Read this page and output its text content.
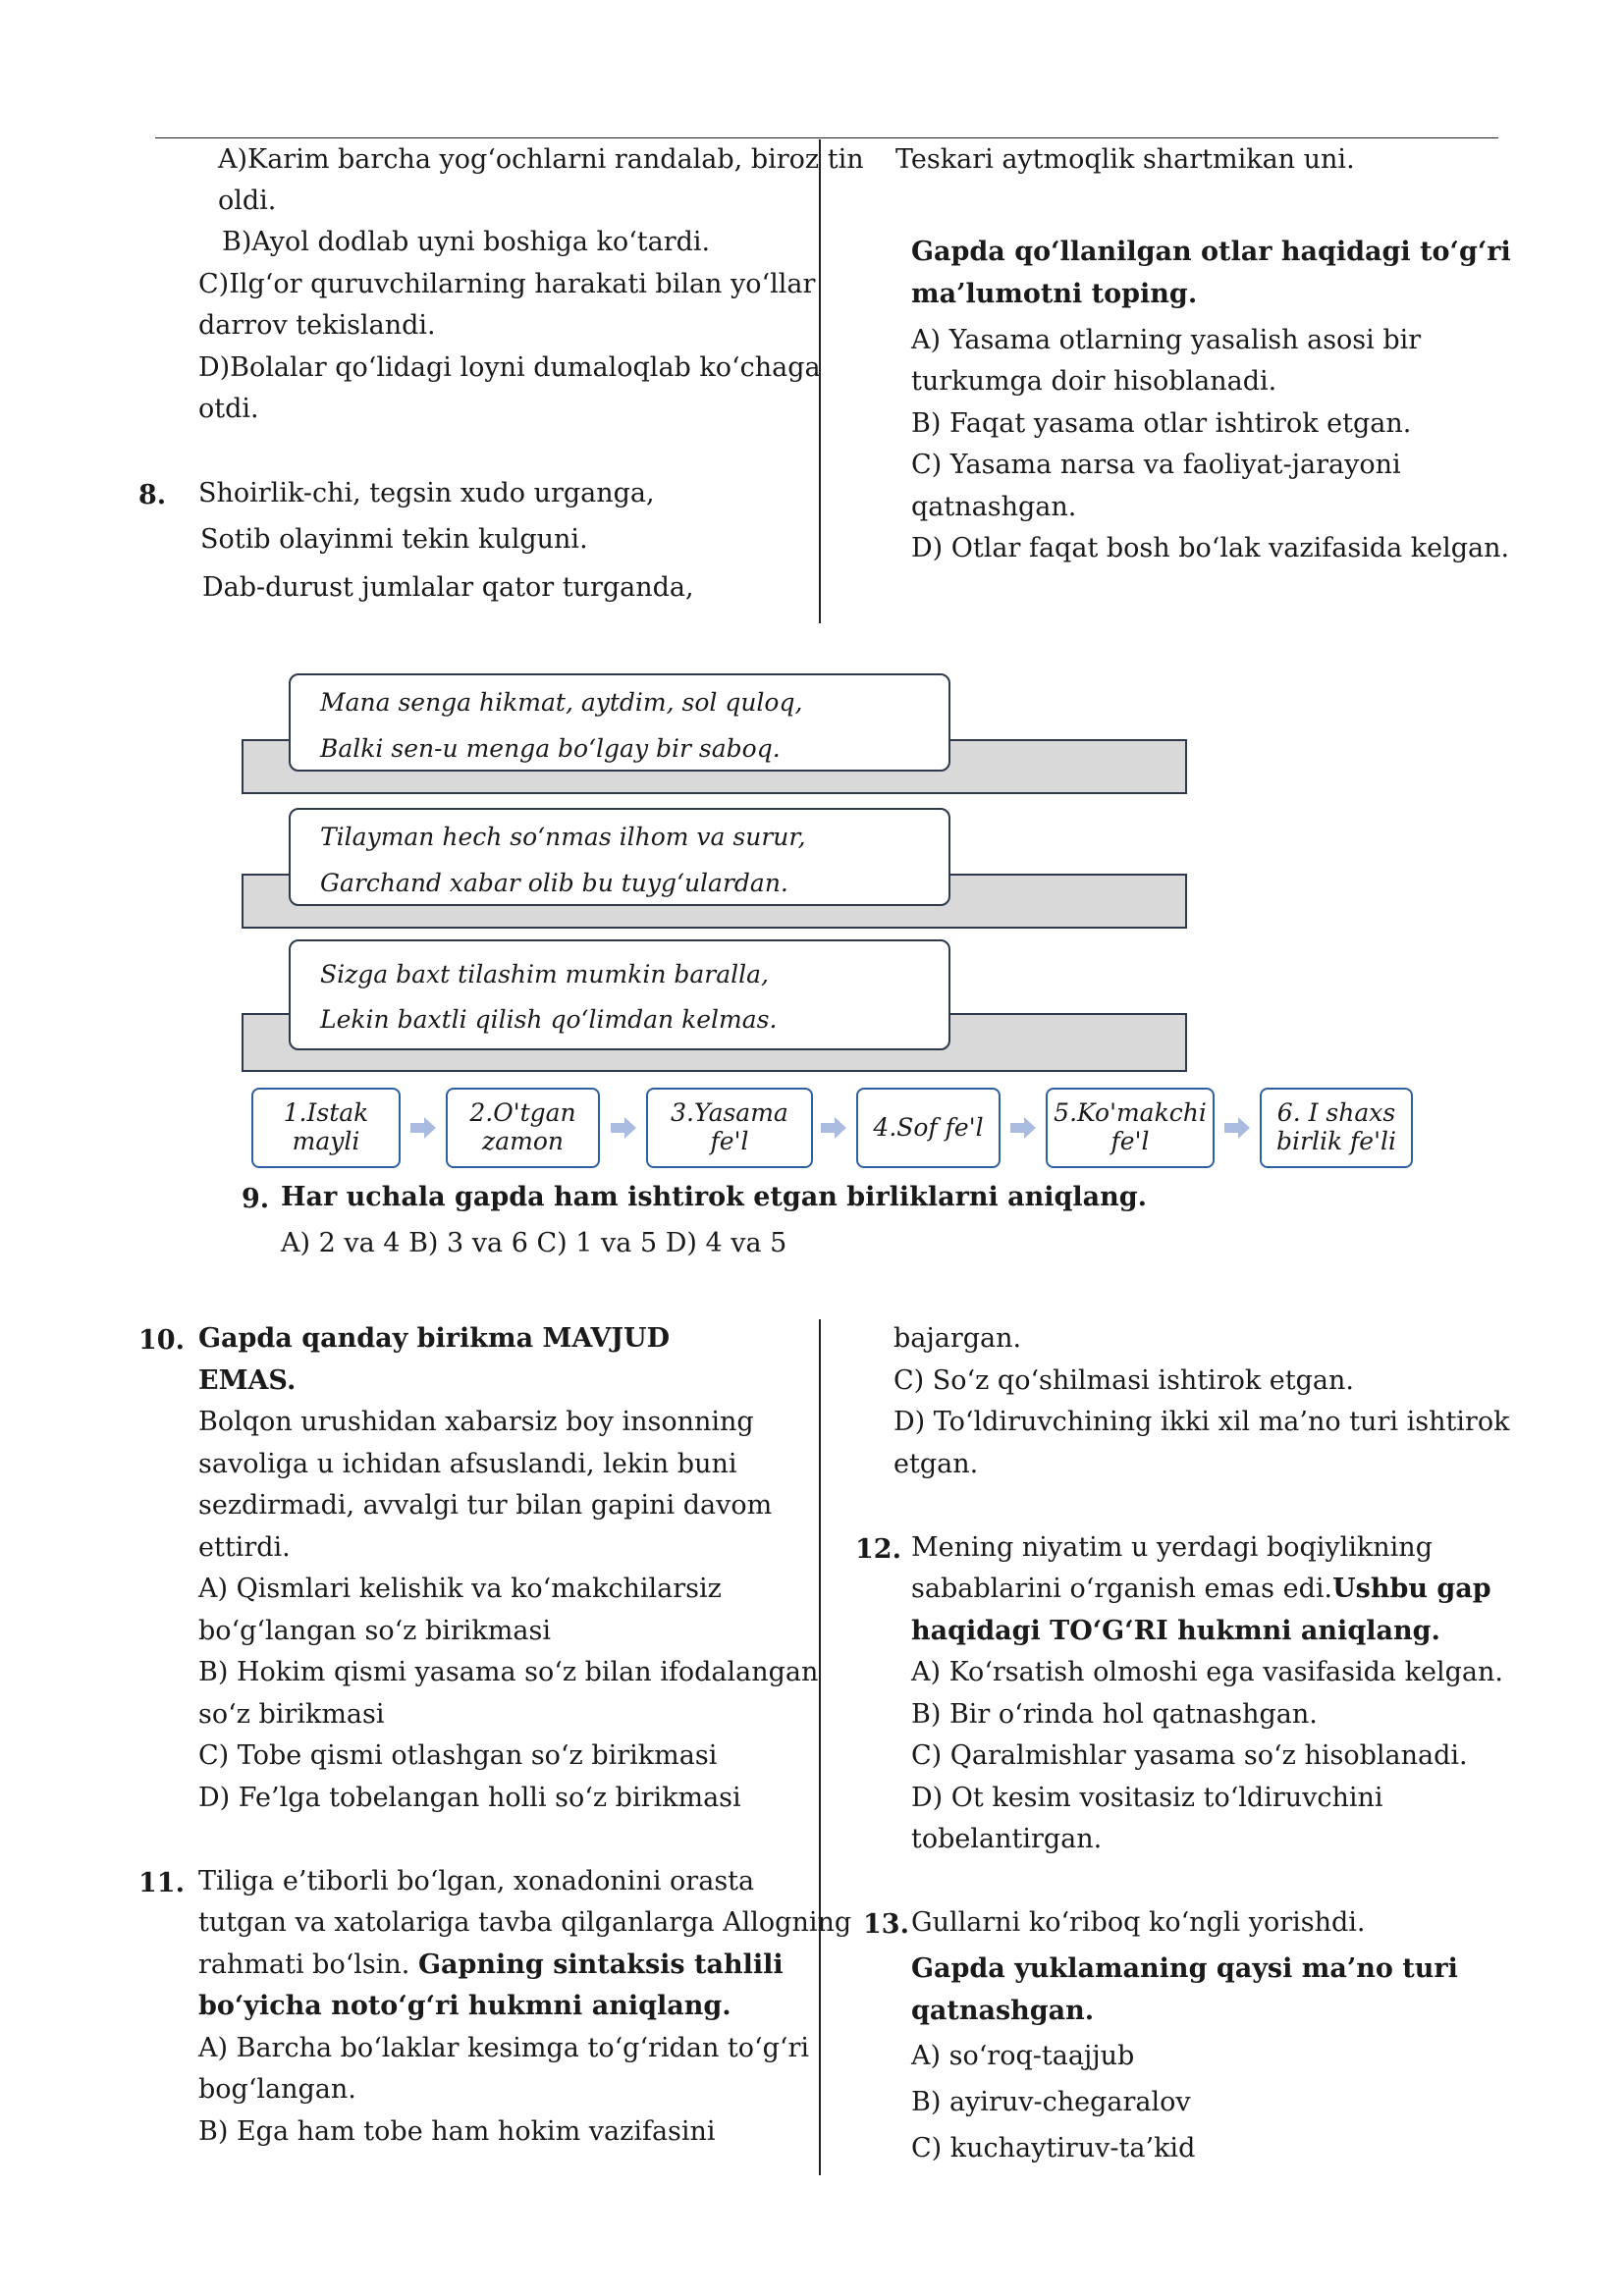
A)Karim barcha yog‘ochlarni randalab, biroz tin
oldi.
B)Ayol dodlab uyni boshiga ko‘tardi.
C)Ilg‘or quruvchilarning harakati bilan yo‘llar
darrov tekislandi.
D)Bolalar qo‘lidagi loyni dumaloqlab ko‘chaga
otdi.
8. Shoirlik-chi, tegsin xudo urganga,
Sotib olayinmi tekin kulguni.
Dab-durust jumlalar qator turganda,
Teskari aytmoqlik shartmikan uni.
Gapda qo‘llanilgan otlar haqidagi to‘g‘ri
ma’lumotni toping.
A) Yasama otlarning yasalish asosi bir
turkumga doir hisoblanadi.
B) Faqat yasama otlar ishtirok etgan.
C) Yasama narsa va faoliyat-jarayoni
qatnashgan.
D) Otlar faqat bosh bo‘lak vazifasida kelgan.
Mana senga hikmat, aytdim, sol quloq,
Balki sen-u menga bo‘lgay bir saboq.
Tilayman hech so‘nmas ilhom va surur,
Garchand xabar olib bu tuyg‘ulardan.
Sizga baxt tilashim mumkin baralla,
Lekin baxtli qilish qo‘limdan kelmas.
1.Istak
mayli
2.O'tgan
zamon
3.Yasama fe'l	4.Sof fe'l	5.Ko'makchi
fe'l
6. I shaxs
birlik fe'li
9. Har uchala gapda ham ishtirok etgan birliklarni aniqlang.
A) 2 va 4 B) 3 va 6 C) 1 va 5 D) 4 va 5
10. Gapda qanday birikma MAVJUD
EMAS.
Bolqon urushidan xabarsiz boy insonning
savoliga u ichidan afsuslandi, lekin buni
sezdirmadi, avvalgi tur bilan gapini davom
ettirdi.
A) Qismlari kelishik va ko‘makchilarsiz
bo‘g‘langan so‘z birikmasi
B) Hokim qismi yasama so‘z bilan ifodalangan
so‘z birikmasi
C) Tobe qismi otlashgan so‘z birikmasi
D) Fe’lga tobelangan holli so‘z birikmasi
11. Tiliga e’tiborli bo‘lgan, xonadonini orasta
tutgan va xatolariga tavba qilganlarga Allogning
rahmati bo‘lsin. Gapning sintaksis tahlili
bo‘yicha noto‘g‘ri hukmni aniqlang.
A) Barcha bo‘laklar kesimga to‘g‘ridan to‘g‘ri
bog‘langan.
B) Ega ham tobe ham hokim vazifasini
bajargan.
C) So‘z qo‘shilmasi ishtirok etgan.
D) To‘ldiruvchining ikki xil ma’no turi ishtirok
etgan.
12. Mening niyatim u yerdagi boqiylikning
sabablarini o‘rganish emas edi.Ushbu gap
haqidagi TO‘G‘RI hukmni aniqlang.
A) Ko‘rsatish olmoshi ega vasifasida kelgan.
B) Bir o‘rinda hol qatnashgan.
C) Qaralmishlar yasama so‘z hisoblanadi.
D) Ot kesim vositasiz to‘ldiruvchini
tobelantirgan.
13. Gullarni ko‘riboq ko‘ngli yorishdi.
Gapda yuklamaning qaysi ma’no turi
qatnashgan.
A) so‘roq-taajjub
B) ayiruv-chegaralov
C) kuchaytiruv-ta’kid
